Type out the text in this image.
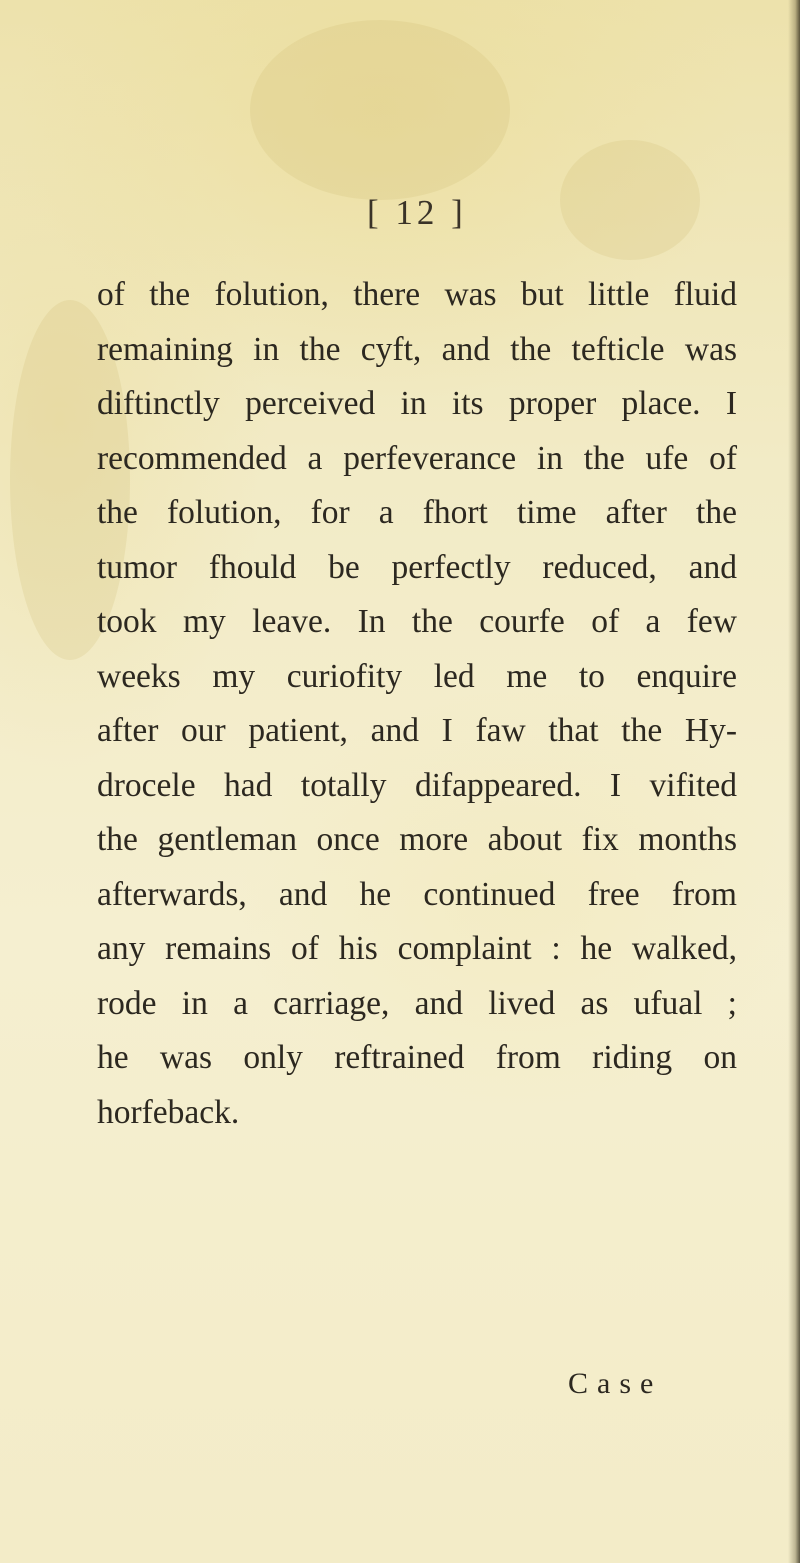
[ 12 ]
of the folution, there was but little fluid
remaining in the cyft, and the tefticle was
diftinctly perceived in its proper place. I
recommended a perfeverance in the ufe of
the folution, for a fhort time after the
tumor fhould be perfectly reduced, and
took my leave. In the courfe of a few
weeks my curiofity led me to enquire
after our patient, and I faw that the Hy-
drocele had totally difappeared. I vifited
the gentleman once more about fix months
afterwards, and he continued free from
any remains of his complaint : he walked,
rode in a carriage, and lived as ufual ;
he was only reftrained from riding on
horfeback.
Case
